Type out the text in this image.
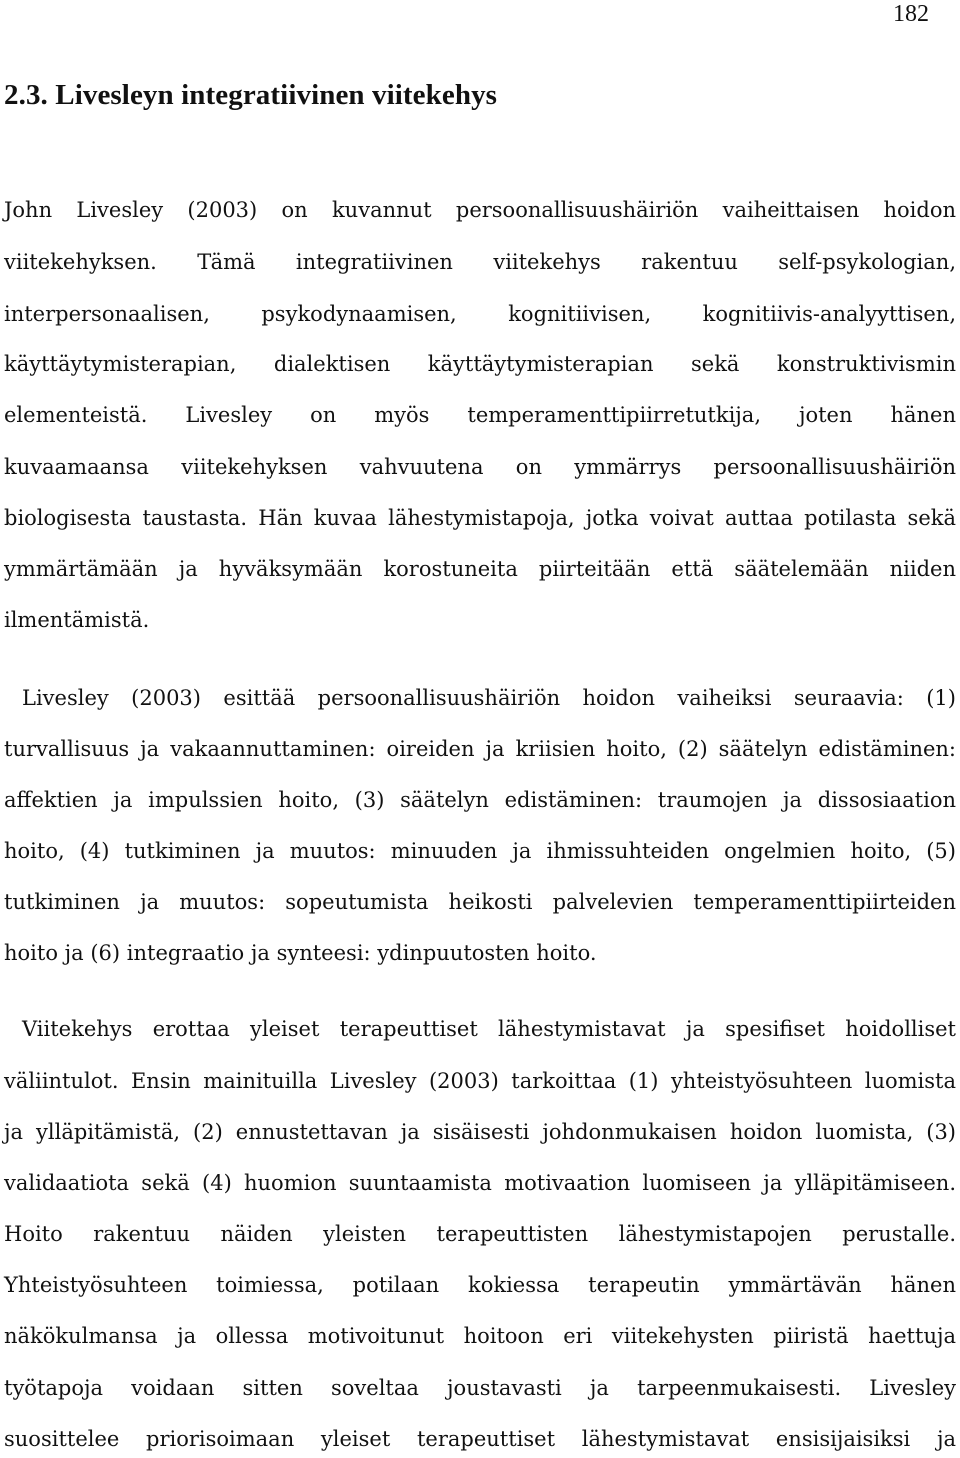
182
2.3. Livesleyn integratiivinen viitekehys
John Livesley (2003) on kuvannut persoonallisuushäiriön vaiheittaisen hoidon
viitekehyksen. Tämä integratiivinen viitekehys rakentuu self-psykologian,
interpersonaalisen, psykodynaamisen, kognitiivisen, kognitiivis-analyyttisen,
käyttäytymisterapian, dialektisen käyttäytymisterapian sekä konstruktivismin
elementeistä. Livesley on myös temperamenttipiirretutkija, joten hänen
kuvaamaansa viitekehyksen vahvuutena on ymmärrys persoonallisuushäiriön
biologisesta taustasta. Hän kuvaa lähestymistapoja, jotka voivat auttaa potilasta sekä
ymmärtämään ja hyväksymään korostuneita piirteitään että säätelemään niiden
ilmentämistä.
Livesley (2003) esittää persoonallisuushäiriön hoidon vaiheiksi seuraavia: (1)
turvallisuus ja vakaannuttaminen: oireiden ja kriisien hoito, (2) säätelyn edistäminen:
affektien ja impulssien hoito, (3) säätelyn edistäminen: traumojen ja dissosiaation
hoito, (4) tutkiminen ja muutos: minuuden ja ihmissuhteiden ongelmien hoito, (5)
tutkiminen ja muutos: sopeutumista heikosti palvelevien temperamenttipiirteiden
hoito ja (6) integraatio ja synteesi: ydinpuutosten hoito.
Viitekehys erottaa yleiset terapeuttiset lähestymistavat ja spesifiset hoidolliset
väliintulot. Ensin mainituilla Livesley (2003) tarkoittaa (1) yhteistyösuhteen luomista
ja ylläpitämistä, (2) ennustettavan ja sisäisesti johdonmukaisen hoidon luomista, (3)
validaatiota sekä (4) huomion suuntaamista motivaation luomiseen ja ylläpitämiseen.
Hoito rakentuu näiden yleisten terapeuttisten lähestymistapojen perustalle.
Yhteistyösuhteen toimiessa, potilaan kokiessa terapeutin ymmärtävän hänen
näkökulmansa ja ollessa motivoitunut hoitoon eri viitekehysten piiristä haettuja
työtapoja voidaan sitten soveltaa joustavasti ja tarpeenmukaisesti. Livesley
suosittelee priorisoimaan yleiset terapeuttiset lähestymistavat ensisijaisiksi ja
